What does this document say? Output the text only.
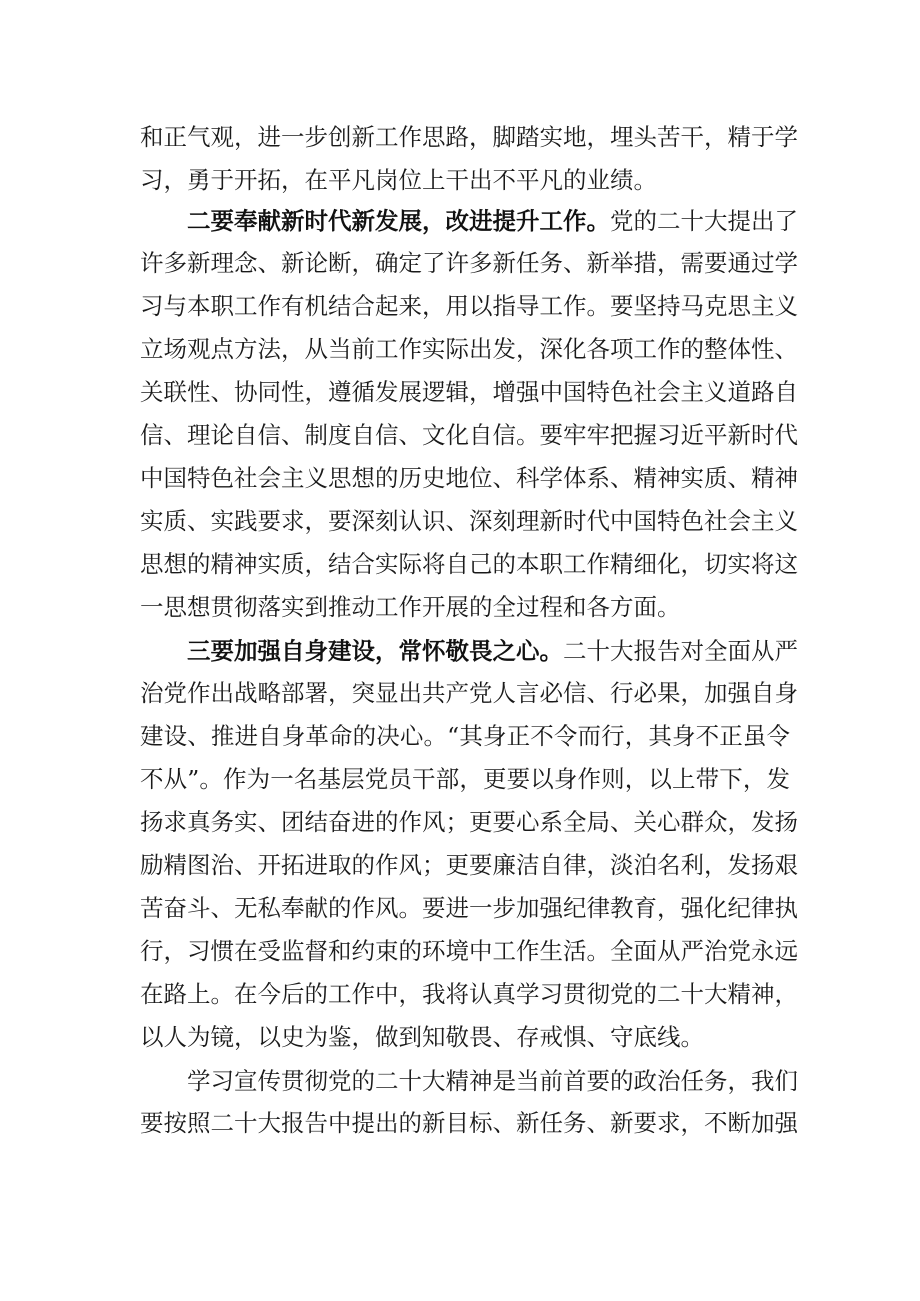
和正气观，进一步创新工作思路，脚踏实地，埋头苦干，精于学

习，勇于开拓，在平凡岗位上干出不平凡的业绩。

二要奉献新时代新发展，改进提升工作。党的二十大提出了

许多新理念、新论断，确定了许多新任务、新举措，需要通过学

习与本职工作有机结合起来，用以指导工作。要坚持马克思主义

立场观点方法，从当前工作实际出发，深化各项工作的整体性、

关联性、协同性，遵循发展逻辑，增强中国特色社会主义道路自

信、理论自信、制度自信、文化自信。要牢牢把握习近平新时代

中国特色社会主义思想的历史地位、科学体系、精神实质、精神

实质、实践要求，要深刻认识、深刻理新时代中国特色社会主义

思想的精神实质，结合实际将自己的本职工作精细化，切实将这

一思想贯彻落实到推动工作开展的全过程和各方面。

三要加强自身建设，常怀敬畏之心。二十大报告对全面从严

治党作出战略部署，突显出共产党人言必信、行必果，加强自身

建设、推进自身革命的决心。“其身正不令而行，其身不正虽令

不从”。作为一名基层党员干部，更要以身作则，以上带下，发

扬求真务实、团结奋进的作风；更要心系全局、关心群众，发扬

励精图治、开拓进取的作风；更要廉洁自律，淡泊名利，发扬艰

苦奋斗、无私奉献的作风。要进一步加强纪律教育，强化纪律执

行，习惯在受监督和约束的环境中工作生活。全面从严治党永远

在路上。在今后的工作中，我将认真学习贯彻党的二十大精神，

以人为镜，以史为鉴，做到知敬畏、存戒惧、守底线。

学习宣传贯彻党的二十大精神是当前首要的政治任务，我们

要按照二十大报告中提出的新目标、新任务、新要求，不断加强
